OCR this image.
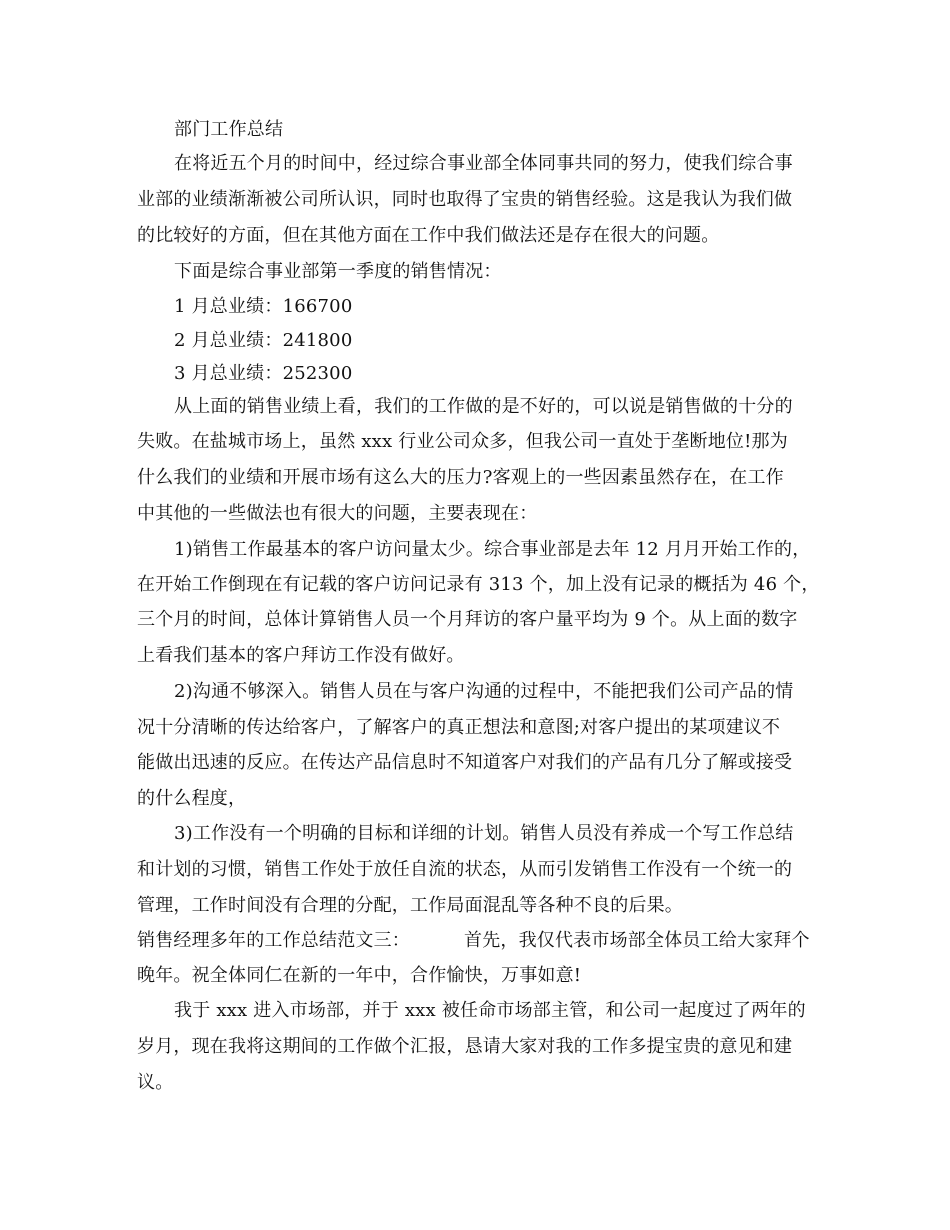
部门工作总结
在将近五个月的时间中，经过综合事业部全体同事共同的努力，使我们综合事
业部的业绩渐渐被公司所认识，同时也取得了宝贵的销售经验。这是我认为我们做
的比较好的方面，但在其他方面在工作中我们做法还是存在很大的问题。
下面是综合事业部第一季度的销售情况：
1 月总业绩：166700
2 月总业绩：241800
3 月总业绩：252300
从上面的销售业绩上看，我们的工作做的是不好的，可以说是销售做的十分的
失败。在盐城市场上，虽然 xxx 行业公司众多，但我公司一直处于垄断地位!那为
什么我们的业绩和开展市场有这么大的压力?客观上的一些因素虽然存在，在工作
中其他的一些做法也有很大的问题，主要表现在：
1)销售工作最基本的客户访问量太少。综合事业部是去年 12 月月开始工作的，
在开始工作倒现在有记载的客户访问记录有 313 个，加上没有记录的概括为 46 个，
三个月的时间，总体计算销售人员一个月拜访的客户量平均为 9 个。从上面的数字
上看我们基本的客户拜访工作没有做好。
2)沟通不够深入。销售人员在与客户沟通的过程中，不能把我们公司产品的情
况十分清晰的传达给客户，了解客户的真正想法和意图;对客户提出的某项建议不
能做出迅速的反应。在传达产品信息时不知道客户对我们的产品有几分了解或接受
的什么程度，
3)工作没有一个明确的目标和详细的计划。销售人员没有养成一个写工作总结
和计划的习惯，销售工作处于放任自流的状态，从而引发销售工作没有一个统一的
管理，工作时间没有合理的分配，工作局面混乱等各种不良的后果。
销售经理多年的工作总结范文三：	首先，我仅代表市场部全体员工给大家拜个
晚年。祝全体同仁在新的一年中，合作愉快，万事如意!
我于 xxx 进入市场部，并于 xxx 被任命市场部主管，和公司一起度过了两年的
岁月，现在我将这期间的工作做个汇报，恳请大家对我的工作多提宝贵的意见和建
议。
